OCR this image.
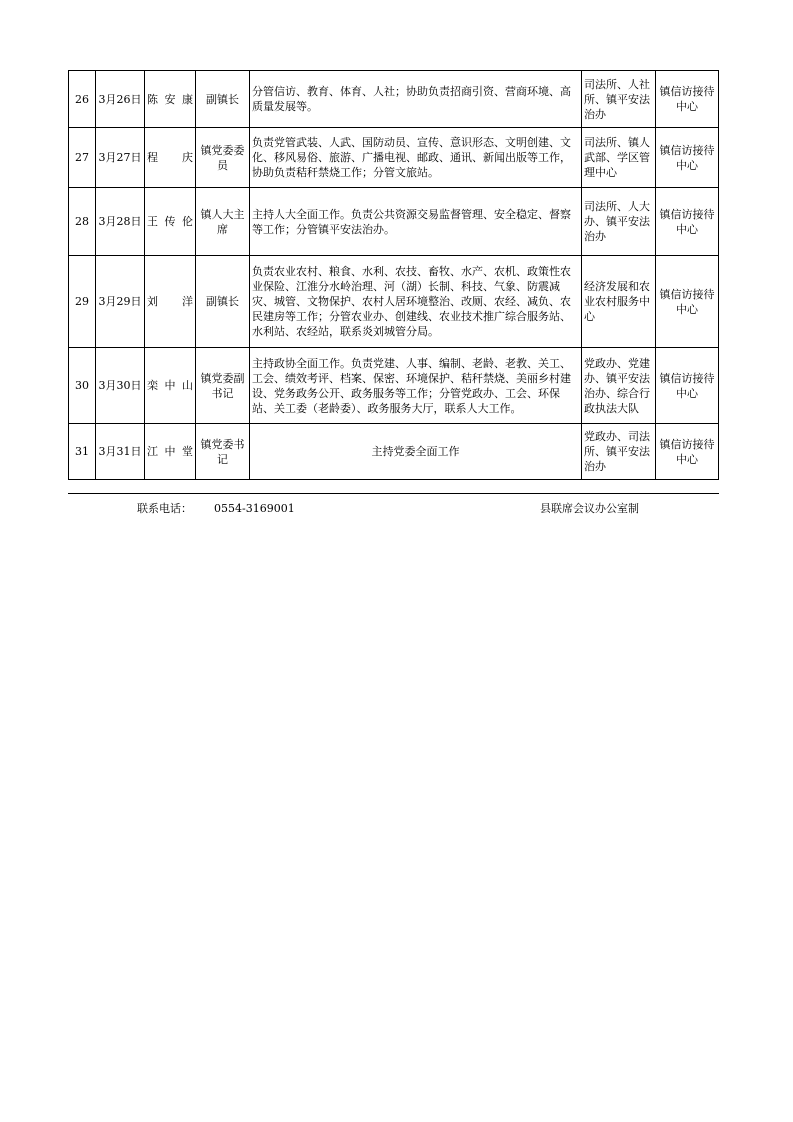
26	3月26日	陈安康	副镇长	分管信访、教育、体育、人社；协助负责招商引资、营商环境、高质量发展等。	司法所、人社所、镇平安法治办	镇信访接待中心
27	3月27日	程　庆	镇党委委员	负责党管武装、人武、国防动员、宣传、意识形态、文明创建、文化、移风易俗、旅游、广播电视、邮政、通讯、新闻出版等工作，协助负责秸秆禁烧工作；分管文旅站。	司法所、镇人武部、学区管理中心	镇信访接待中心
28	3月28日	王传伦	镇人大主席	主持人大全面工作。负责公共资源交易监督管理、安全稳定、督察等工作；分管镇平安法治办。	司法所、人大办、镇平安法治办	镇信访接待中心
29	3月29日	刘　洋	副镇长	负责农业农村、粮食、水利、农技、畜牧、水产、农机、政策性农业保险、江淮分水岭治理、河（湖）长制、科技、气象、防震减灾、城管、文物保护、农村人居环境整治、改厕、农经、减负、农民建房等工作；分管农业办、创建线、农业技术推广综合服务站、水利站、农经站，联系炎刘城管分局。	经济发展和农业农村服务中心	镇信访接待中心
30	3月30日	栾中山	镇党委副书记	主持政协全面工作。负责党建、人事、编制、老龄、老教、关工、工会、绩效考评、档案、保密、环境保护、秸秆禁烧、美丽乡村建设、党务政务公开、政务服务等工作；分管党政办、工会、环保站、关工委（老龄委）、政务服务大厅，联系人大工作。	党政办、党建办、镇平安法治办、综合行政执法大队	镇信访接待中心
31	3月31日	江中堂	镇党委书记	主持党委全面工作	党政办、司法所、镇平安法治办	镇信访接待中心
联系电话： 0554-3169001	县联席会议办公室制
